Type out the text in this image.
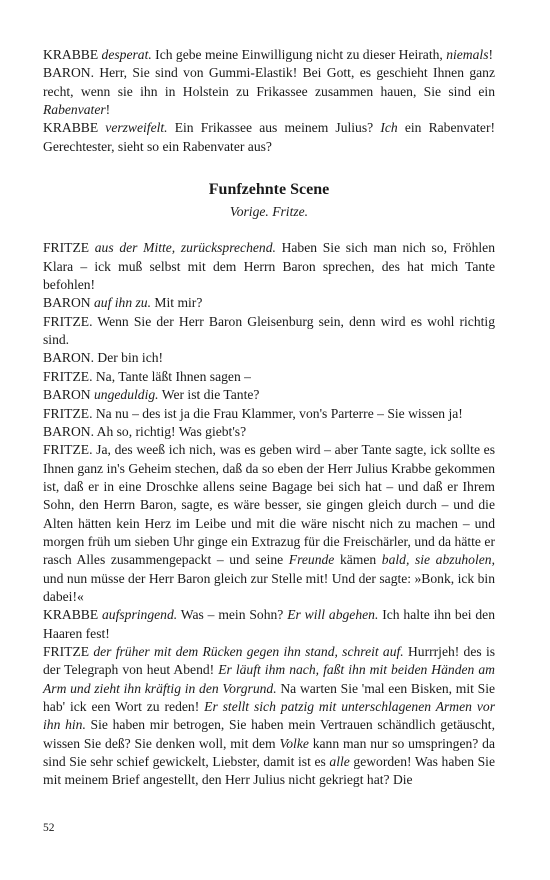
KRABBE desperat. Ich gebe meine Einwilligung nicht zu dieser Heirath, niemals!

BARON. Herr, Sie sind von Gummi-Elastik! Bei Gott, es geschieht Ihnen ganz recht, wenn sie ihn in Holstein zu Frikassee zusammen hauen, Sie sind ein Rabenvater!

KRABBE verzweifelt. Ein Frikassee aus meinem Julius? Ich ein Rabenvater! Gerechtester, sieht so ein Rabenvater aus?

Funfzehnte Scene
Vorige. Fritze.

FRITZE aus der Mitte, zurücksprechend. Haben Sie sich man nich so, Fröhlen Klara – ick muß selbst mit dem Herrn Baron sprechen, des hat mich Tante befohlen!

BARON auf ihn zu. Mit mir?

FRITZE. Wenn Sie der Herr Baron Gleisenburg sein, denn wird es wohl richtig sind.

BARON. Der bin ich!

FRITZE. Na, Tante läßt Ihnen sagen –

BARON ungeduldig. Wer ist die Tante?

FRITZE. Na nu – des ist ja die Frau Klammer, von's Parterre – Sie wissen ja!

BARON. Ah so, richtig! Was giebt's?

FRITZE. Ja, des weeß ich nich, was es geben wird – aber Tante sagte, ick sollte es Ihnen ganz in's Geheim stechen, daß da so eben der Herr Julius Krabbe gekommen ist, daß er in eine Droschke allens seine Bagage bei sich hat – und daß er Ihrem Sohn, den Herrn Baron, sagte, es wäre besser, sie gingen gleich durch – und die Alten hätten kein Herz im Leibe und mit die wäre nischt nich zu machen – und morgen früh um sieben Uhr ginge ein Extrazug für die Freischärler, und da hätte er rasch Alles zusammengepackt – und seine Freunde kämen bald, sie abzuholen, und nun müsse der Herr Baron gleich zur Stelle mit! Und der sagte: »Bonk, ick bin dabei!«

KRABBE aufspringend. Was – mein Sohn? Er will abgehen. Ich halte ihn bei den Haaren fest!

FRITZE der früher mit dem Rücken gegen ihn stand, schreit auf. Hurrrjeh! des is der Telegraph von heut Abend! Er läuft ihm nach, faßt ihn mit beiden Händen am Arm und zieht ihn kräftig in den Vorgrund. Na warten Sie 'mal een Bisken, mit Sie hab' ick een Wort zu reden! Er stellt sich patzig mit unterschlagenen Armen vor ihn hin. Sie haben mir betrogen, Sie haben mein Vertrauen schändlich getäuscht, wissen Sie deß? Sie denken woll, mit dem Volke kann man nur so umspringen? da sind Sie sehr schief gewickelt, Liebster, damit ist es alle geworden! Was haben Sie mit meinem Brief angestellt, den Herr Julius nicht gekriegt hat? Die

52
